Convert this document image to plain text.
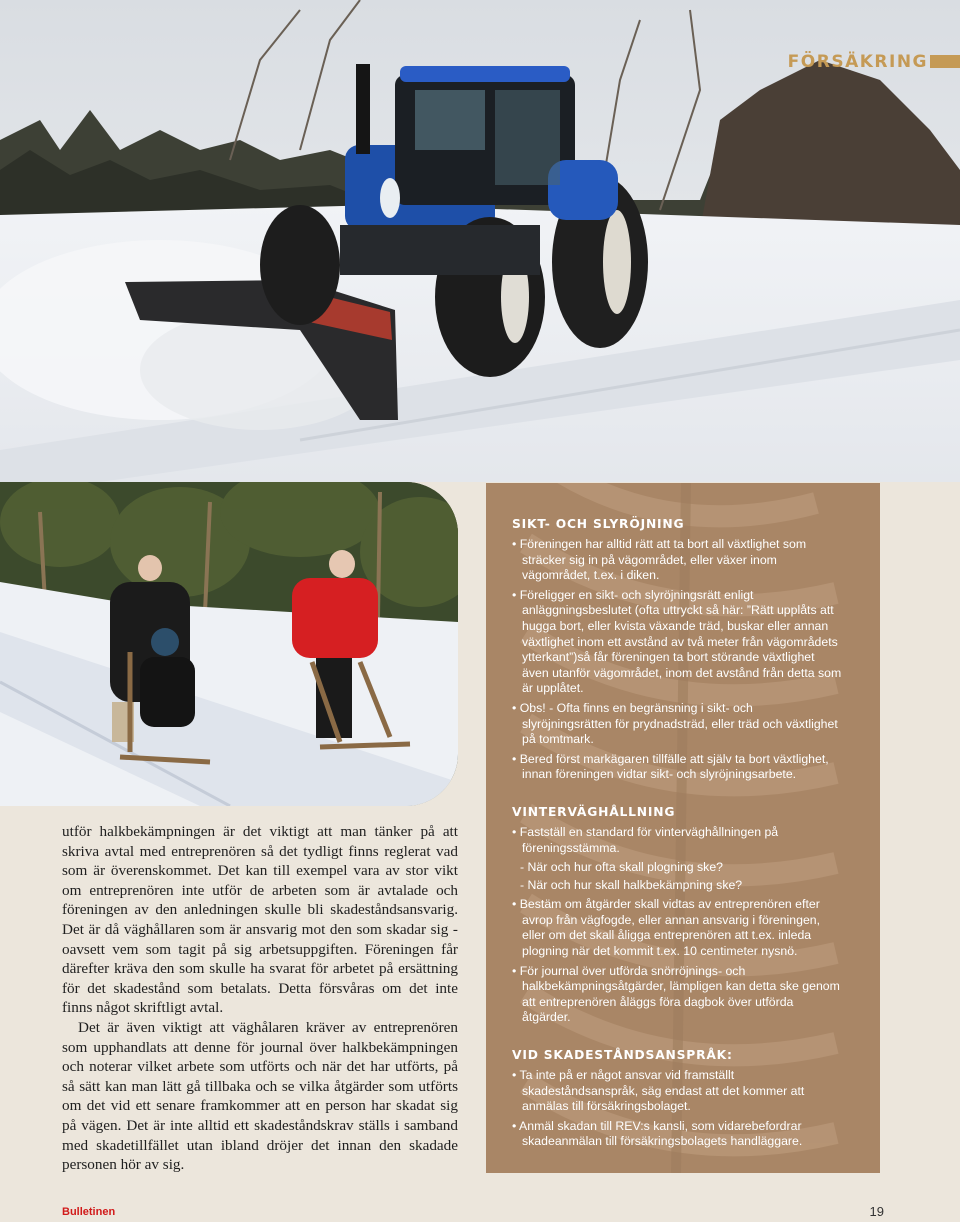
FÖRSÄKRING

utför halkbekämpningen är det viktigt att man tänker på att skriva avtal med entreprenören så det tydligt finns reglerat vad som är överenskommet. Det kan till exempel vara av stor vikt om entreprenören inte utför de arbeten som är avtalade och föreningen av den anledningen skulle bli skadeståndsansvarig. Det är då väghållaren som är ansvarig mot den som skadar sig - oavsett vem som tagit på sig arbetsuppgiften. Föreningen får därefter kräva den som skulle ha svarat för arbetet på ersättning för det skadestånd som betalats. Detta försvåras om det inte finns något skriftligt avtal.

Det är även viktigt att väghålaren kräver av entreprenören som upphandlats att denne för journal över halkbekämpningen och noterar vilket arbete som utförts och när det har utförts, på så sätt kan man lätt gå tillbaka och se vilka åtgärder som utförts om det vid ett senare framkommer att en person har skadat sig på vägen. Det är inte alltid ett skadeståndskrav ställs i samband med skadetillfället utan ibland dröjer det innan den skadade personen hör av sig.

SIKT- OCH SLYRÖJNING
• Föreningen har alltid rätt att ta bort all växtlighet som sträcker sig in på vägområdet, eller växer inom vägområdet, t.ex. i diken.
• Föreligger en sikt- och slyröjningsrätt enligt anläggningsbeslutet (ofta uttryckt så här: ”Rätt upplåts att hugga bort, eller kvista växande träd, buskar eller annan växtlighet inom ett avstånd av två meter från vägområdets ytterkant”)så får föreningen ta bort störande växtlighet även utanför vägområdet, inom det avstånd från detta som är upplåtet.
• Obs! - Ofta finns en begränsning i sikt- och slyröjningsrätten för prydnadsträd, eller träd och växtlighet på tomtmark.
• Bered först markägaren tillfälle att själv ta bort växtlighet, innan föreningen vidtar sikt- och slyröjningsarbete.
VINTERVÄGHÅLLNING

• Fastställ en standard för vinterväghållningen på föreningsstämma.

- När och hur ofta skall plogning ske?
- När och hur skall halkbekämpning ske?
• Bestäm om åtgärder skall vidtas av entreprenören efter avrop från vägfogde, eller annan ansvarig i föreningen, eller om det skall åligga entreprenören att t.ex. inleda plogning när det kommit t.ex. 10 centimeter nysnö.
• För journal över utförda snörröjnings- och halkbekämpningsåtgärder, lämpligen kan detta ske genom att entreprenören åläggs föra dagbok över utförda åtgärder.
VID SKADESTÅNDSANSPRÅK:
• Ta inte på er något ansvar vid framställt skadeståndsanspråk, säg endast att det kommer att anmälas till försäkringsbolaget.
• Anmäl skadan till REV:s kansli, som vidarebefordrar skadeanmälan till försäkringsbolagets handläggare.
Bulletinen	19
